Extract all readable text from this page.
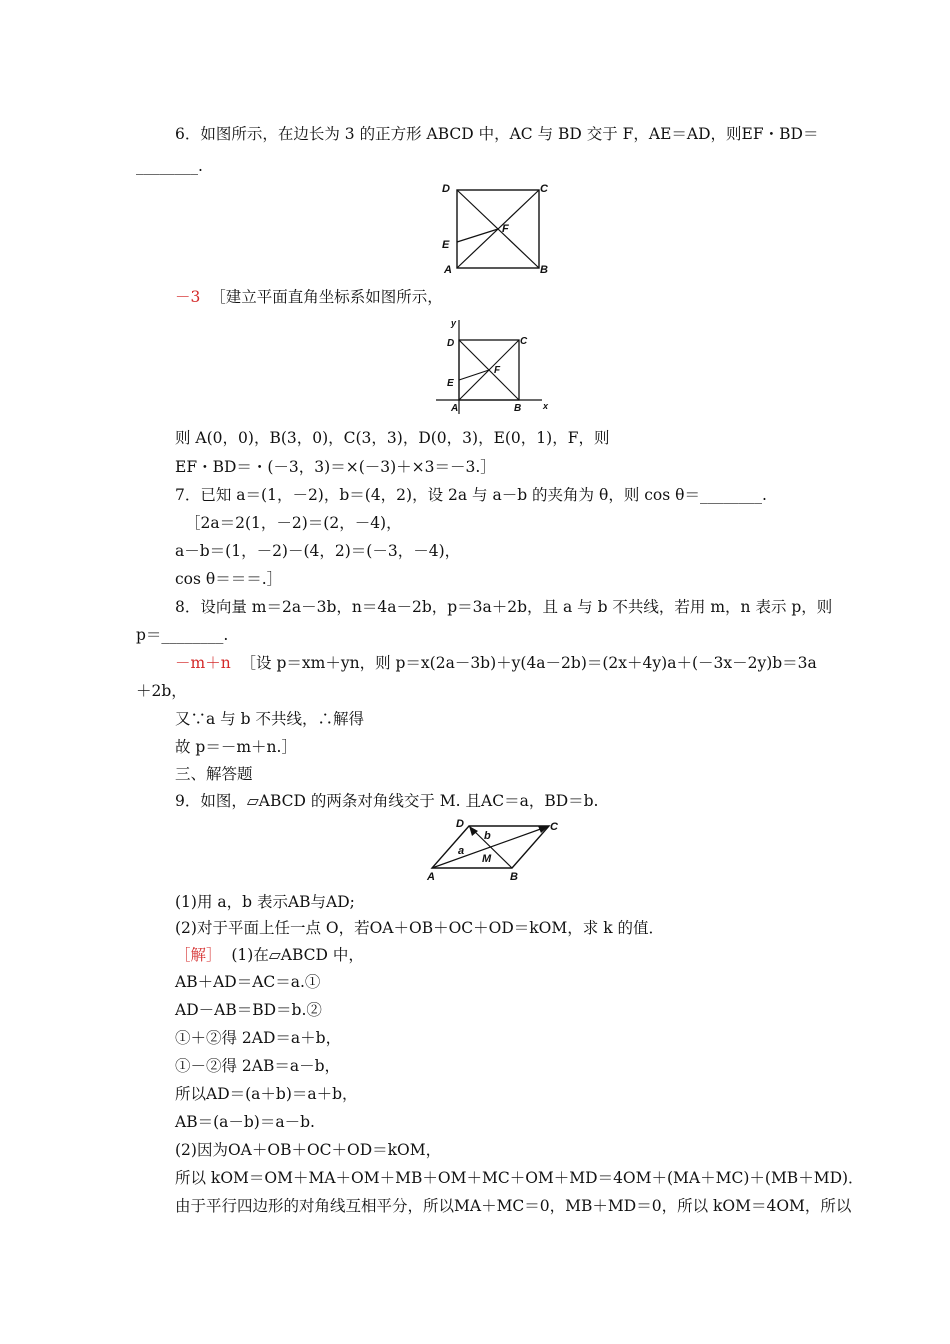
6．如图所示，在边长为 3 的正方形 ABCD 中，AC 与 BD 交于 F，AE＝AD，则EF・BD＝
________.
D	C
E
F
A	B
－3 ［建立平面直角坐标系如图所示，
y
D	C
E
F
A	B x
则 A(0，0)，B(3，0)，C(3，3)，D(0，3)，E(0，1)，F，则
EF・BD＝・(－3，3)＝×(－3)＋×3＝－3.］
7．已知 a＝(1，－2)，b＝(4，2)，设 2a 与 a－b 的夹角为 θ，则 cos θ＝________.
［2a＝2(1，－2)＝(2，－4)，
a－b＝(1，－2)－(4，2)＝(－3，－4)，
cos θ＝＝＝.］
8．设向量 m＝2a－3b，n＝4a－2b，p＝3a＋2b，且 a 与 b 不共线，若用 m，n 表示 p，则
p＝________.
－m＋n ［设 p＝xm＋yn，则 p＝x(2a－3b)＋y(4a－2b)＝(2x＋4y)a＋(－3x－2y)b＝3a
＋2b，
又∵a 与 b 不共线，∴解得
故 p＝－m＋n.］
三、解答题
9．如图，▱ABCD 的两条对角线交于 M. 且AC＝a，BD＝b.
D	C
b
a
M
A	B
(1)用 a，b 表示AB与AD;
(2)对于平面上任一点 O，若OA＋OB＋OC＋OD＝kOM，求 k 的值．
［解］ (1)在▱ABCD 中，
AB＋AD＝AC＝a.①
AD－AB＝BD＝b.②
①＋②得 2AD＝a＋b，
①－②得 2AB＝a－b，
所以AD＝(a＋b)＝a＋b，
AB＝(a－b)＝a－b.
(2)因为OA＋OB＋OC＋OD＝kOM，
所以 kOM＝OM＋MA＋OM＋MB＋OM＋MC＋OM＋MD＝4OM＋(MA＋MC)＋(MB＋MD)．
由于平行四边形的对角线互相平分，所以MA＋MC＝0，MB＋MD＝0，所以 kOM＝4OM，所以
